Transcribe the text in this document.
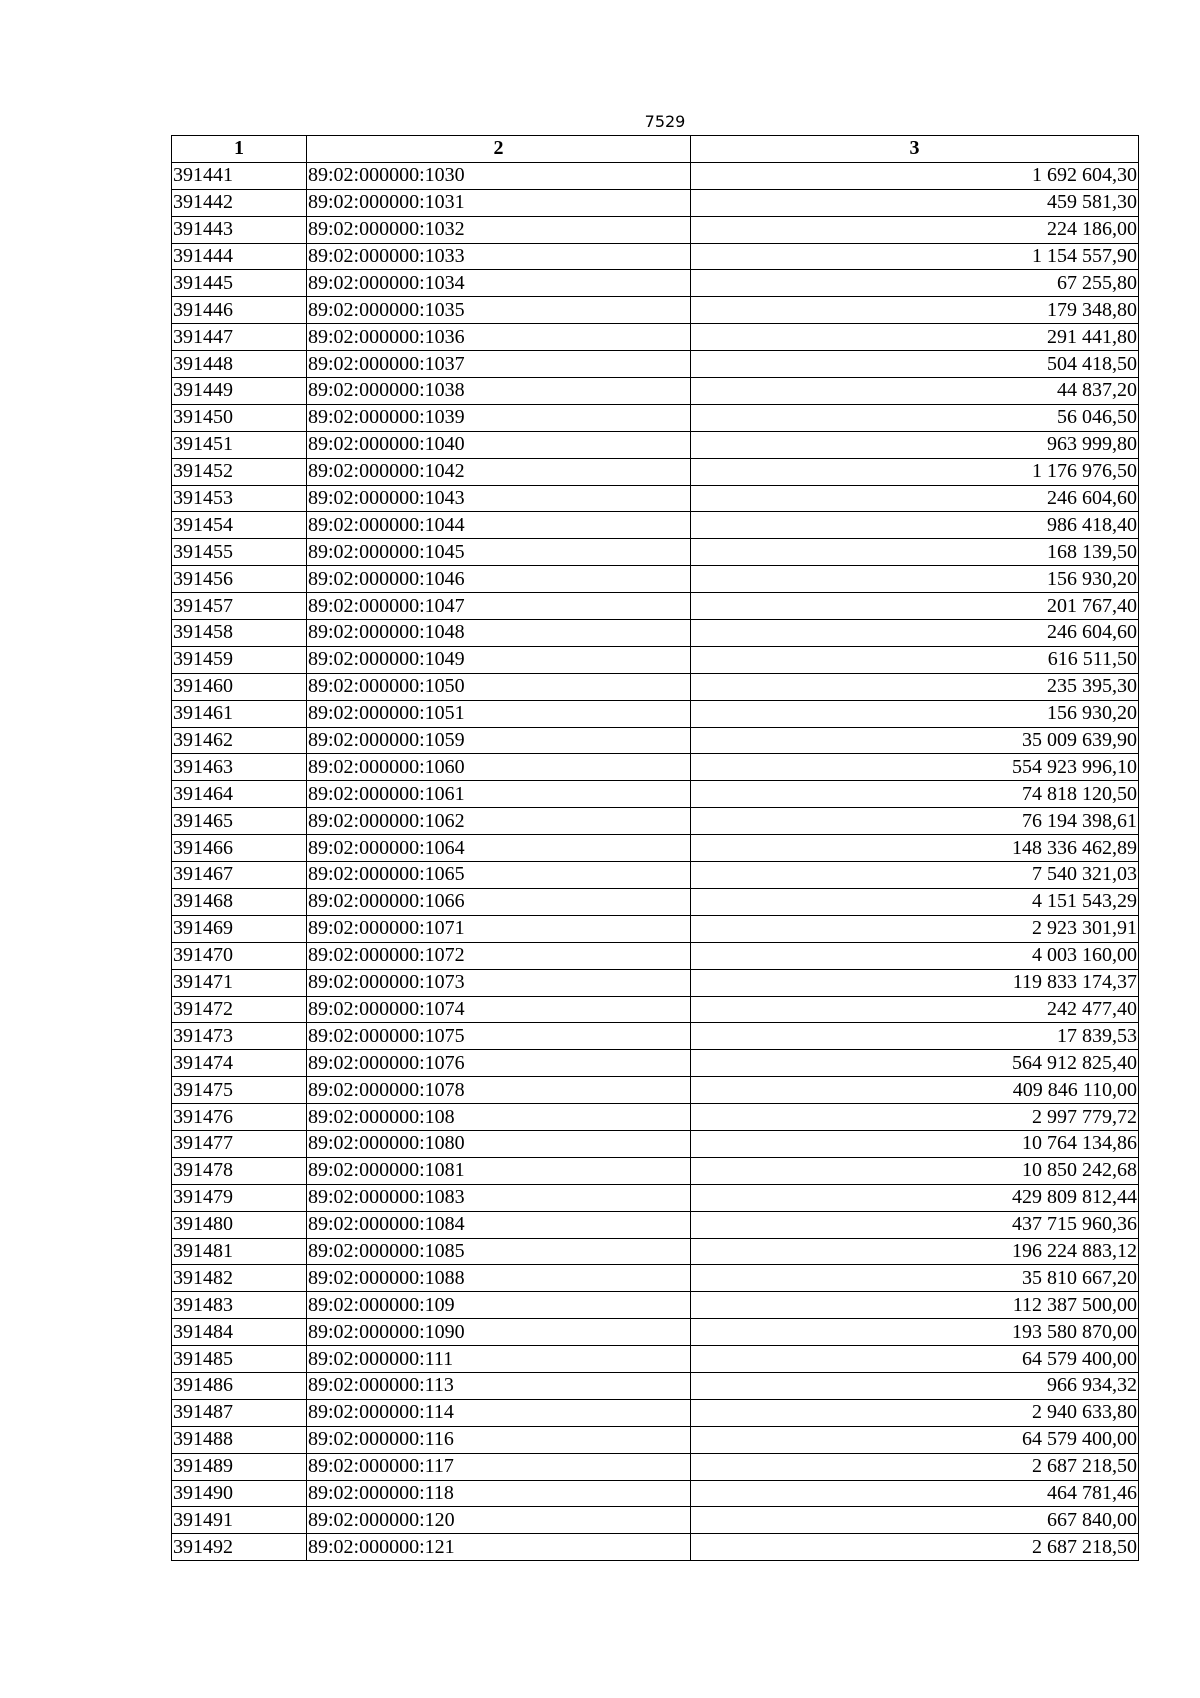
7529
1	2	3
391441	89:02:000000:1030	1 692 604,30
391442	89:02:000000:1031	459 581,30
391443	89:02:000000:1032	224 186,00
391444	89:02:000000:1033	1 154 557,90
391445	89:02:000000:1034	67 255,80
391446	89:02:000000:1035	179 348,80
391447	89:02:000000:1036	291 441,80
391448	89:02:000000:1037	504 418,50
391449	89:02:000000:1038	44 837,20
391450	89:02:000000:1039	56 046,50
391451	89:02:000000:1040	963 999,80
391452	89:02:000000:1042	1 176 976,50
391453	89:02:000000:1043	246 604,60
391454	89:02:000000:1044	986 418,40
391455	89:02:000000:1045	168 139,50
391456	89:02:000000:1046	156 930,20
391457	89:02:000000:1047	201 767,40
391458	89:02:000000:1048	246 604,60
391459	89:02:000000:1049	616 511,50
391460	89:02:000000:1050	235 395,30
391461	89:02:000000:1051	156 930,20
391462	89:02:000000:1059	35 009 639,90
391463	89:02:000000:1060	554 923 996,10
391464	89:02:000000:1061	74 818 120,50
391465	89:02:000000:1062	76 194 398,61
391466	89:02:000000:1064	148 336 462,89
391467	89:02:000000:1065	7 540 321,03
391468	89:02:000000:1066	4 151 543,29
391469	89:02:000000:1071	2 923 301,91
391470	89:02:000000:1072	4 003 160,00
391471	89:02:000000:1073	119 833 174,37
391472	89:02:000000:1074	242 477,40
391473	89:02:000000:1075	17 839,53
391474	89:02:000000:1076	564 912 825,40
391475	89:02:000000:1078	409 846 110,00
391476	89:02:000000:108	2 997 779,72
391477	89:02:000000:1080	10 764 134,86
391478	89:02:000000:1081	10 850 242,68
391479	89:02:000000:1083	429 809 812,44
391480	89:02:000000:1084	437 715 960,36
391481	89:02:000000:1085	196 224 883,12
391482	89:02:000000:1088	35 810 667,20
391483	89:02:000000:109	112 387 500,00
391484	89:02:000000:1090	193 580 870,00
391485	89:02:000000:111	64 579 400,00
391486	89:02:000000:113	966 934,32
391487	89:02:000000:114	2 940 633,80
391488	89:02:000000:116	64 579 400,00
391489	89:02:000000:117	2 687 218,50
391490	89:02:000000:118	464 781,46
391491	89:02:000000:120	667 840,00
391492	89:02:000000:121	2 687 218,50
